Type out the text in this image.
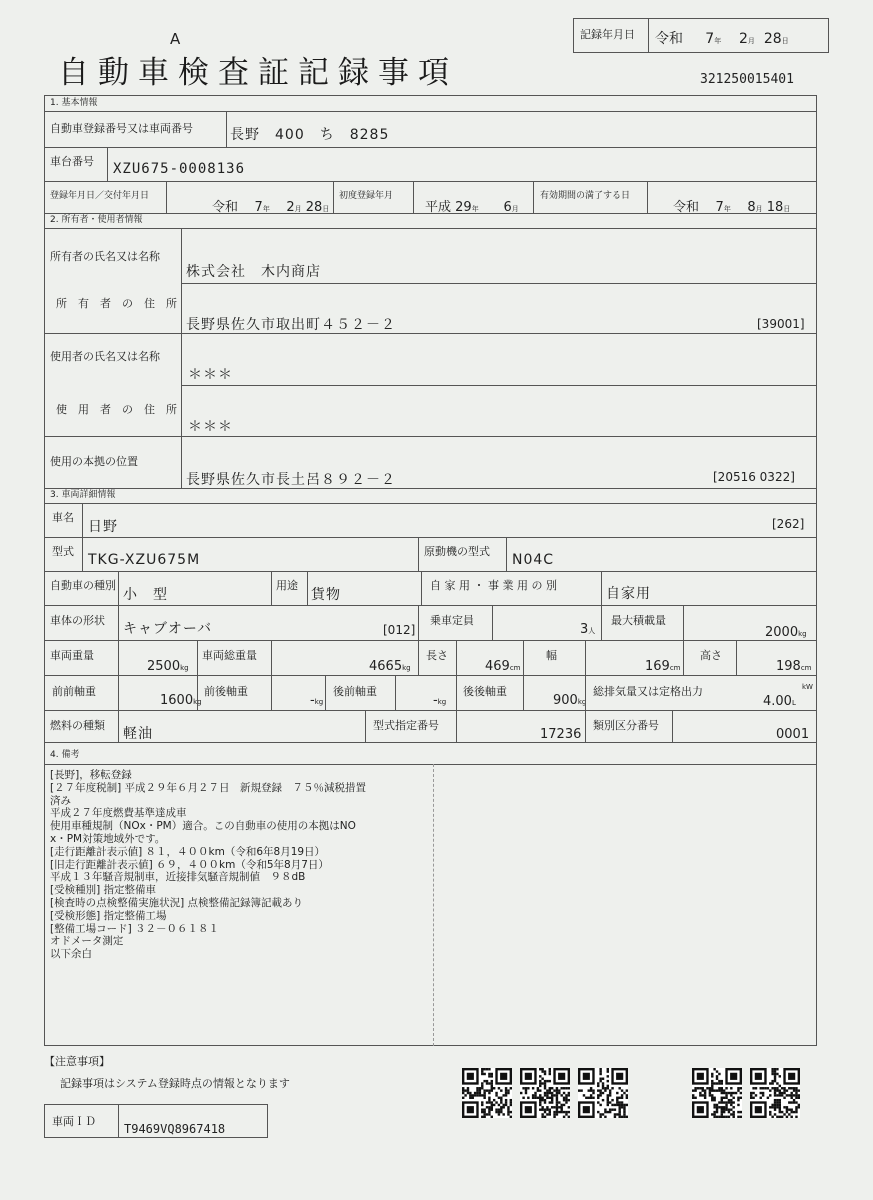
A
自動車検査証記録事項	321250015401
記録年月日 令和 7年 2月 28日
1. 基本情報
自動車登録番号又は車両番号	長野　400　ち　8285
車台番号 XZU675-0008136
登録年月日／交付年月日
令和 7年 2月 28日
初度登録年月
平成 29年 6月
有効期間の満了する日
令和 7年 8月 18日
2. 所有者・使用者情報
所有者の氏名又は名称
株式会社　木内商店
所　有　者　の　住　所
長野県佐久市取出町４５２－２	[39001]
使用者の氏名又は名称
＊＊＊
使　用　者　の　住　所
＊＊＊
使用の本拠の位置
長野県佐久市長土呂８９２－２	[20516 0322]
3. 車両詳細情報
車名
日野	[262]
型式
TKG-XZU675M
原動機の型式
N04C
自動車の種別
小　型
用途
貨物
自 家 用 ・ 事 業 用 の 別
自家用
車体の形状
キャブオーバ	[012]
乗車定員
3人
最大積載量
2000kg
車両重量
2500kg
車両総重量
4665kg
長さ
469cm
幅
169cm
高さ
198cm
前前軸重
1600kg
前後軸重
-kg
後前軸重
-kg
後後軸重
900kg
総排気量又は定格出力	kW
4.00L
燃料の種類
軽油
型式指定番号
17236
類別区分番号
0001
4. 備考
[長野]，移転登録
[２７年度税制] 平成２９年６月２７日　新規登録　７５％減税措置
済み
平成２７年度燃費基準達成車
使用車種規制（NOx・PM）適合。この自動車の使用の本拠はNO
x・PM対策地域外です。
[走行距離計表示値] ８１，４００km（令和6年8月19日）
[旧走行距離計表示値] ６９，４００km（令和5年8月7日）
平成１３年騒音規制車，近接排気騒音規制値　９８dB
[受検種別] 指定整備車
[検査時の点検整備実施状況] 点検整備記録簿記載あり
[受検形態] 指定整備工場
[整備工場コード] ３２－０６１８１
オドメータ測定
以下余白
【注意事項】
記録事項はシステム登録時点の情報となります
車両ＩＤ
T9469VQ8967418
